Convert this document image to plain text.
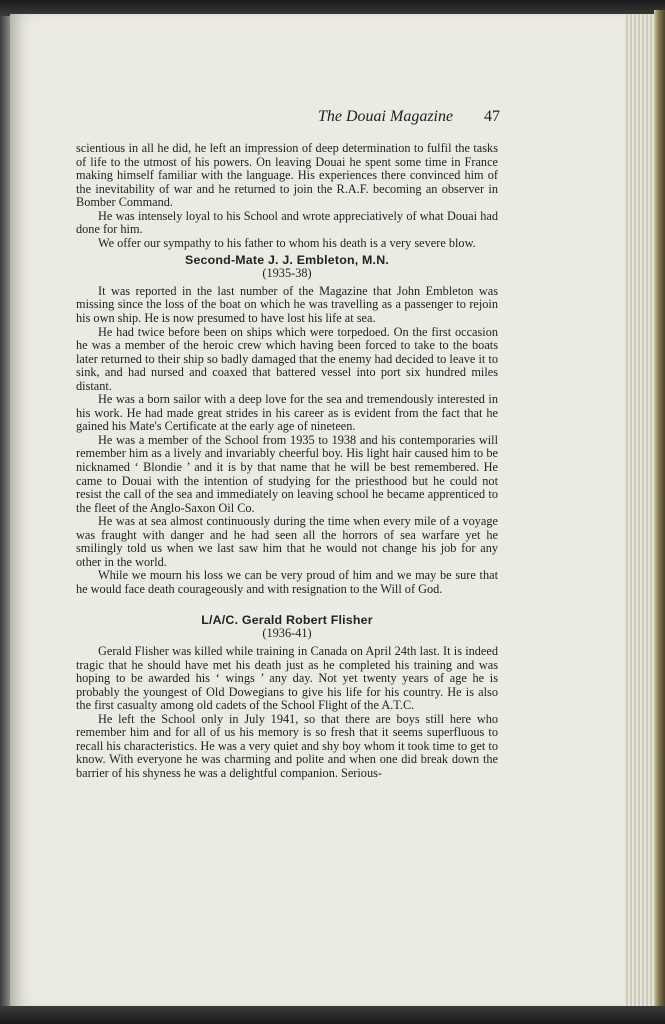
The Douai Magazine 47

scientious in all he did, he left an impression of deep determination to fulfil the tasks of life to the utmost of his powers. On leaving Douai he spent some time in France making himself familiar with the language. His experiences there convinced him of the inevitability of war and he returned to join the R.A.F. becoming an observer in Bomber Command.

He was intensely loyal to his School and wrote appreciatively of what Douai had done for him.

We offer our sympathy to his father to whom his death is a very severe blow.

Second-Mate J. J. Embleton, M.N.
(1935-38)

It was reported in the last number of the Magazine that John Embleton was missing since the loss of the boat on which he was travelling as a passenger to rejoin his own ship. He is now presumed to have lost his life at sea.

He had twice before been on ships which were torpedoed. On the first occasion he was a member of the heroic crew which having been forced to take to the boats later returned to their ship so badly damaged that the enemy had decided to leave it to sink, and had nursed and coaxed that battered vessel into port six hundred miles distant.

He was a born sailor with a deep love for the sea and tremendously interested in his work. He had made great strides in his career as is evident from the fact that he gained his Mate's Certificate at the early age of nineteen.

He was a member of the School from 1935 to 1938 and his contemporaries will remember him as a lively and invariably cheerful boy. His light hair caused him to be nicknamed ‘ Blondie ’ and it is by that name that he will be best remembered. He came to Douai with the intention of studying for the priesthood but he could not resist the call of the sea and immediately on leaving school he became apprenticed to the fleet of the Anglo-Saxon Oil Co.

He was at sea almost continuously during the time when every mile of a voyage was fraught with danger and he had seen all the horrors of sea warfare yet he smilingly told us when we last saw him that he would not change his job for any other in the world.

While we mourn his loss we can be very proud of him and we may be sure that he would face death courageously and with resignation to the Will of God.

L/A/C. Gerald Robert Flisher
(1936-41)

Gerald Flisher was killed while training in Canada on April 24th last. It is indeed tragic that he should have met his death just as he completed his training and was hoping to be awarded his ‘ wings ’ any day. Not yet twenty years of age he is probably the youngest of Old Dowegians to give his life for his country. He is also the first casualty among old cadets of the School Flight of the A.T.C.

He left the School only in July 1941, so that there are boys still here who remember him and for all of us his memory is so fresh that it seems superfluous to recall his characteristics. He was a very quiet and shy boy whom it took time to get to know. With everyone he was charming and polite and when one did break down the barrier of his shyness he was a delightful companion. Serious-
